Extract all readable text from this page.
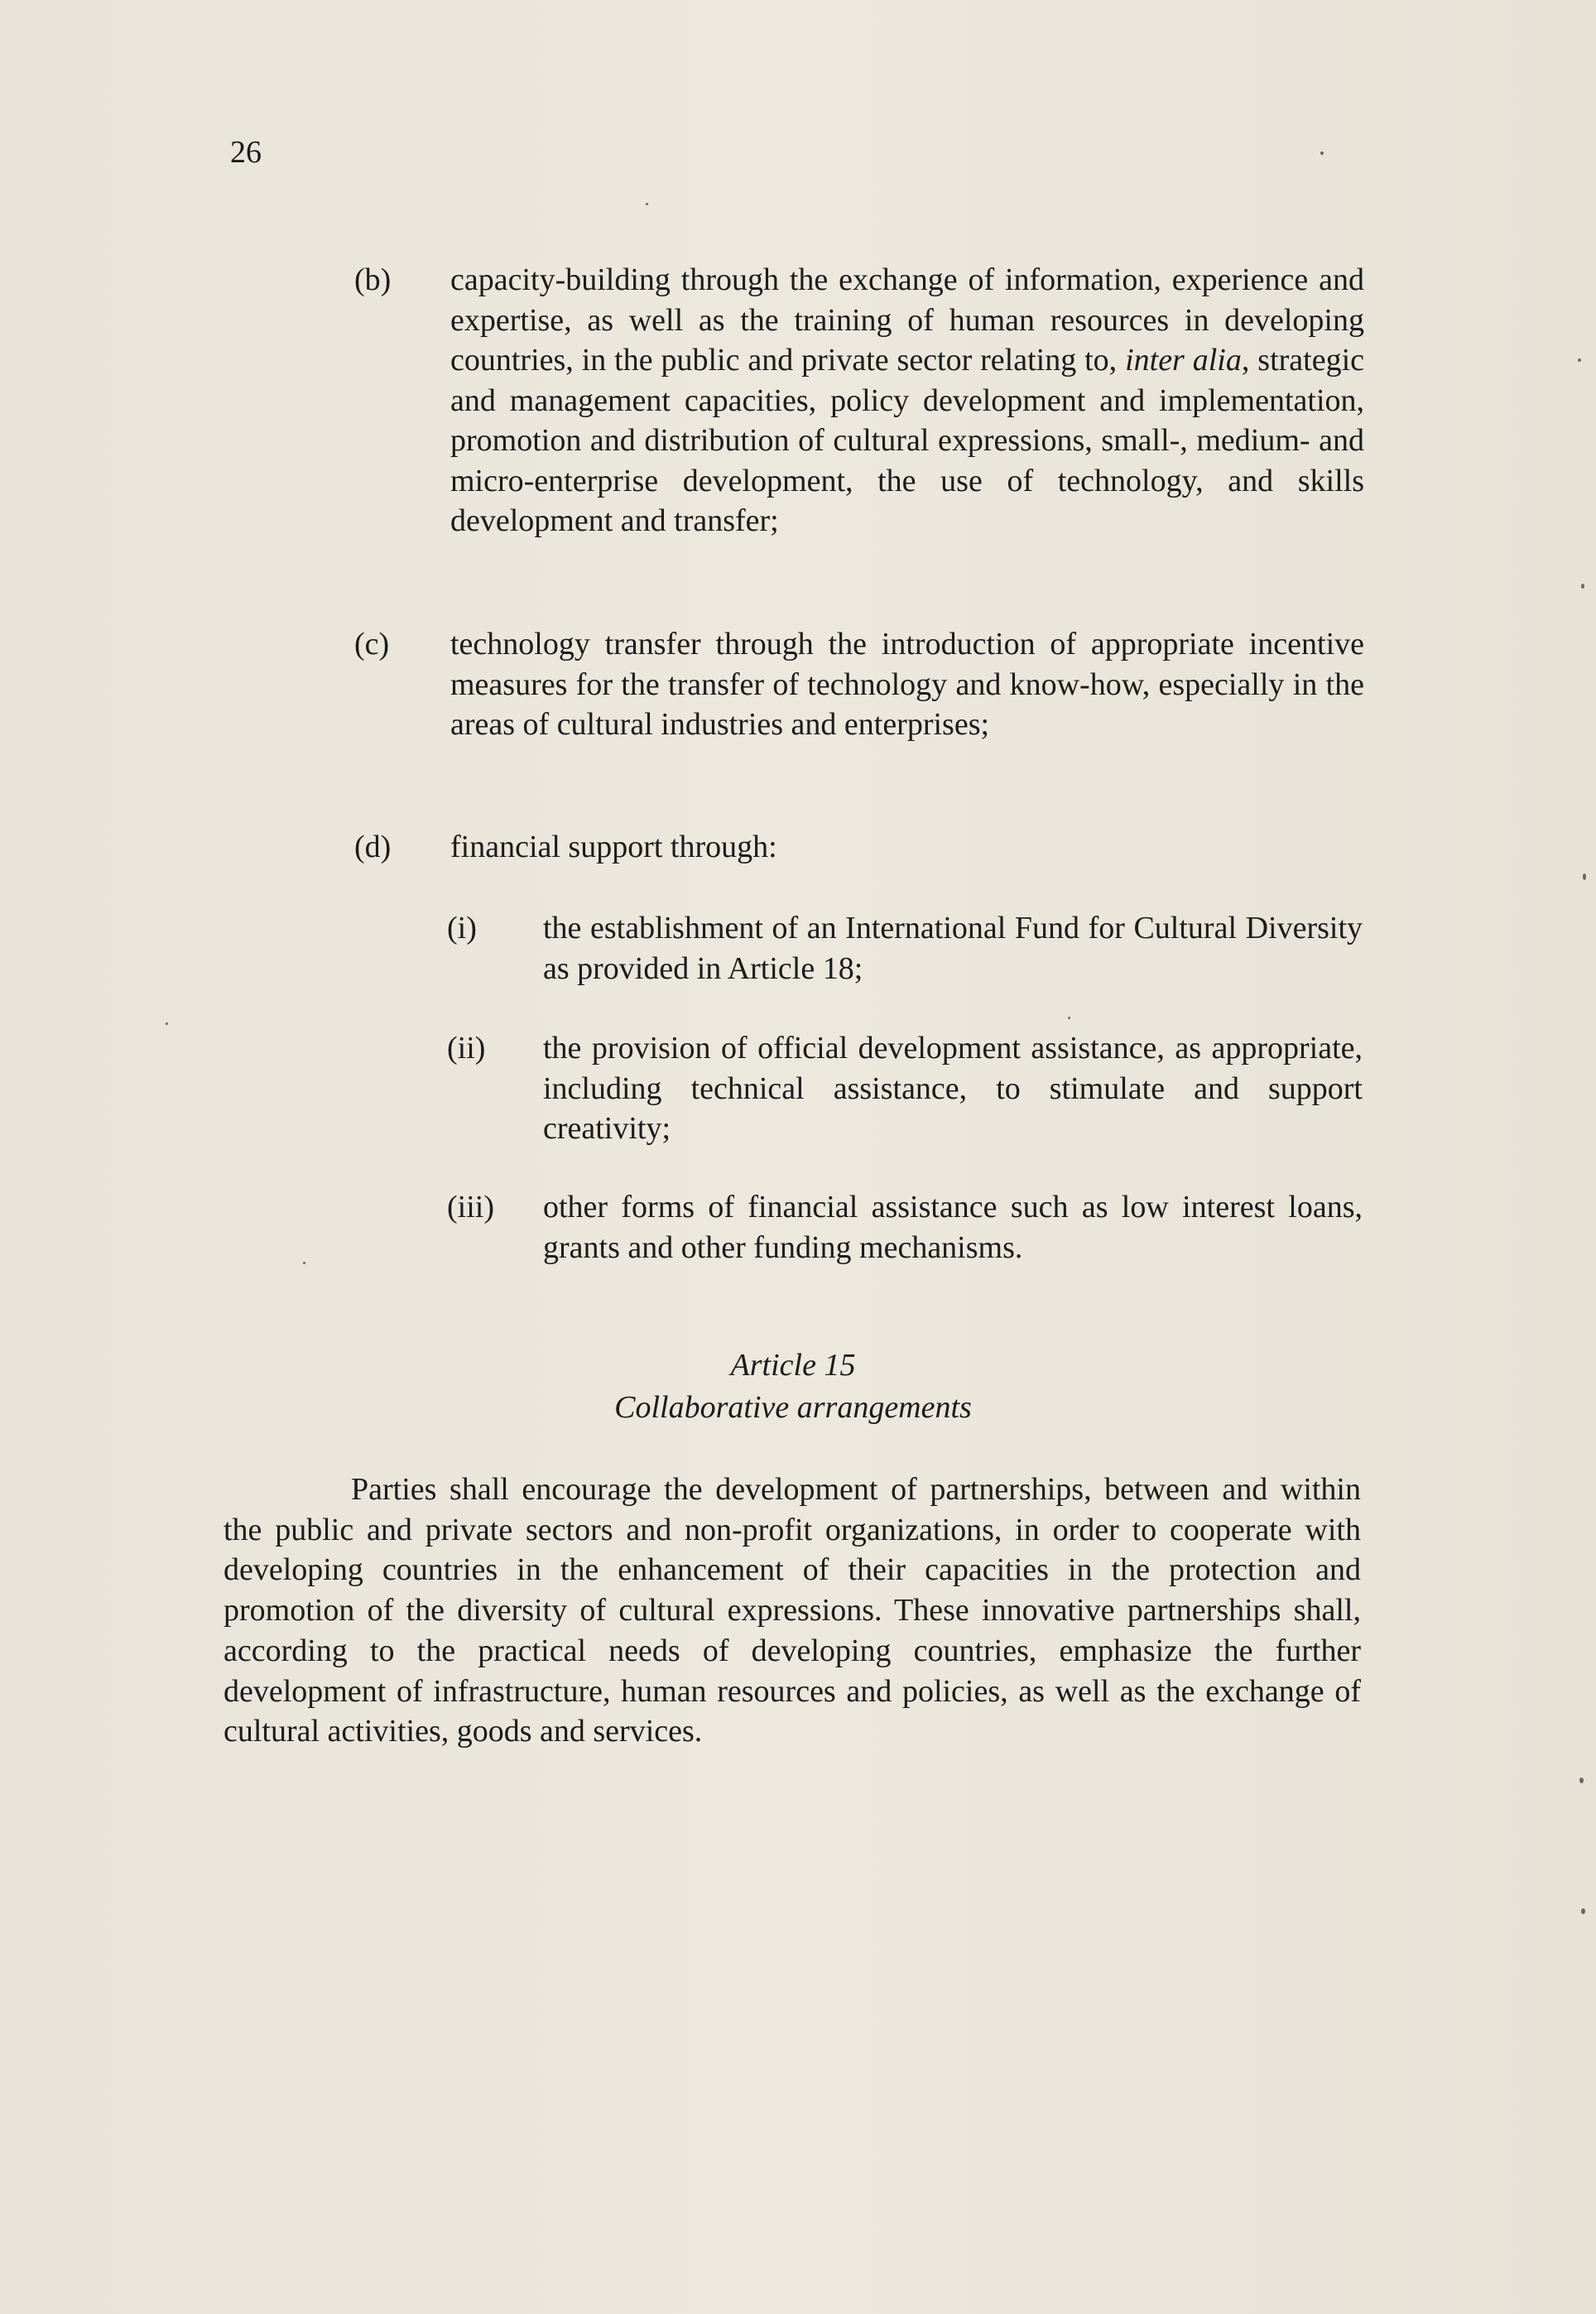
26
(b) capacity-building through the exchange of information, experience and expertise, as well as the training of human resources in developing countries, in the public and private sector relating to, inter alia, strategic and management capacities, policy development and implementation, promotion and distribution of cultural expressions, small-, medium- and micro-enterprise development, the use of technology, and skills development and transfer;
(c) technology transfer through the introduction of appropriate incentive measures for the transfer of technology and know-how, especially in the areas of cultural industries and enterprises;
(d) financial support through:
(i) the establishment of an International Fund for Cultural Diversity as provided in Article 18;
(ii) the provision of official development assistance, as appropriate, including technical assistance, to stimulate and support creativity;
(iii) other forms of financial assistance such as low interest loans, grants and other funding mechanisms.
Article 15
Collaborative arrangements
Parties shall encourage the development of partnerships, between and within the public and private sectors and non-profit organizations, in order to cooperate with developing countries in the enhancement of their capacities in the protection and promotion of the diversity of cultural expressions. These innovative partnerships shall, according to the practical needs of developing countries, emphasize the further development of infrastructure, human resources and policies, as well as the exchange of cultural activities, goods and services.
